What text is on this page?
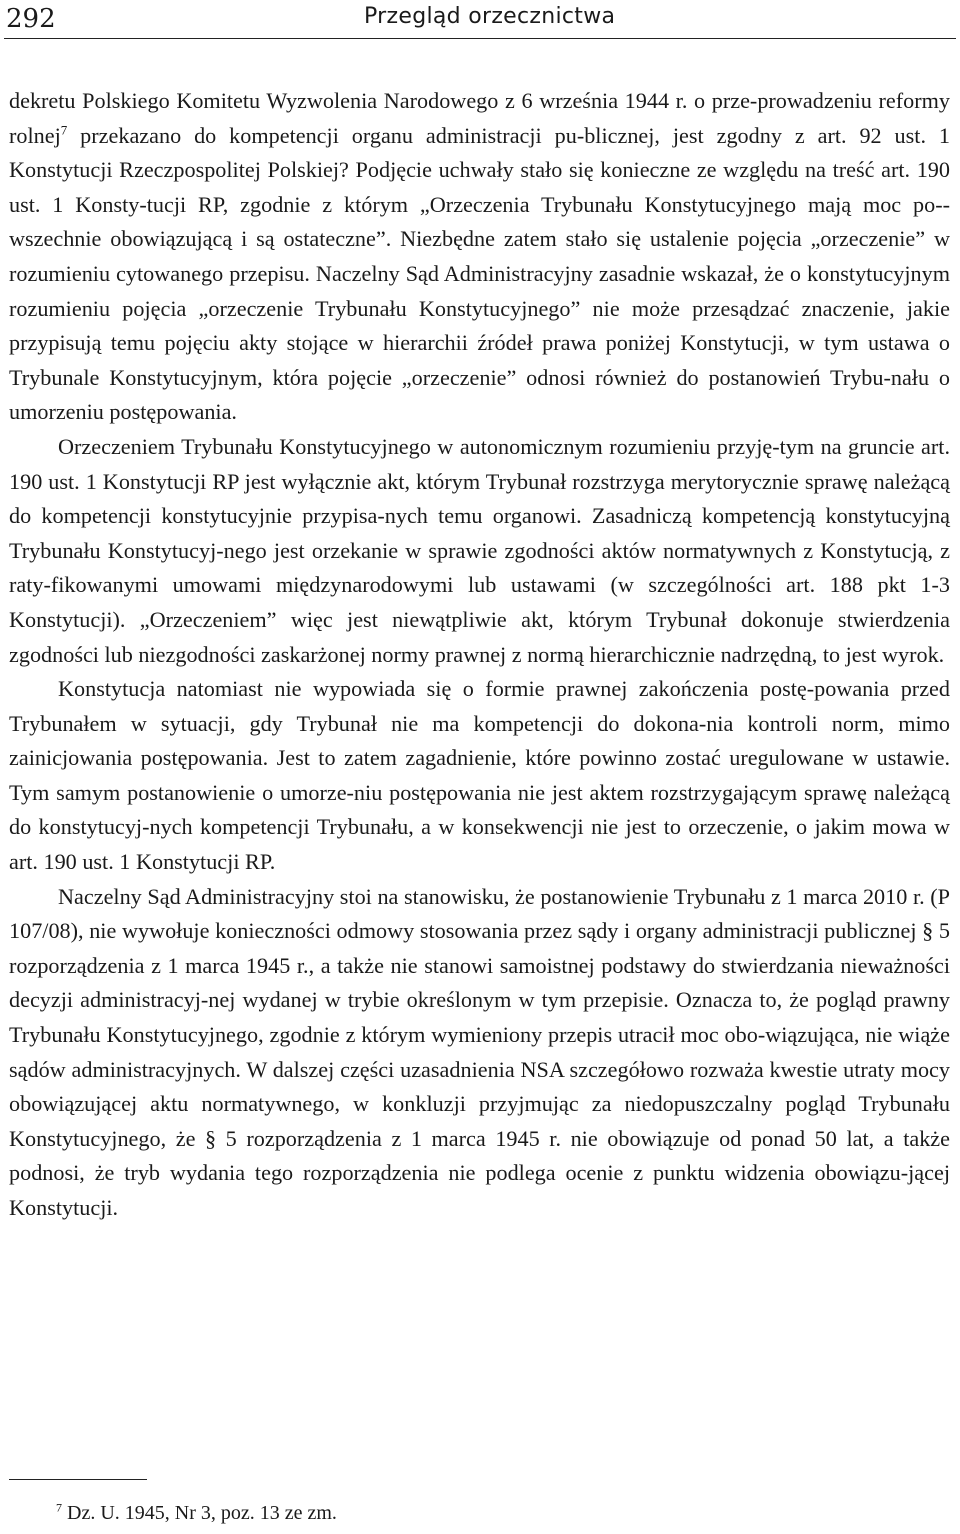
292	Przegląd orzecznictwa

dekretu Polskiego Komitetu Wyzwolenia Narodowego z 6 września 1944 r. o prze-prowadzeniu reformy rolnej$^7$ przekazano do kompetencji organu administracji pu-blicznej, jest zgodny z art. 92 ust. 1 Konstytucji Rzeczpospolitej Polskiej? Podjęcie uchwały stało się konieczne ze względu na treść art. 190 ust. 1 Konsty-tucji RP, zgodnie z którym „Orzeczenia Trybunału Konstytucyjnego mają moc po-wszechnie obowiązującą i są ostateczne”. Niezbędne zatem stało się ustalenie pojęcia „orzeczenie” w rozumieniu cytowanego przepisu. Naczelny Sąd Administracyjny zasadnie wskazał, że o konstytucyjnym rozumieniu pojęcia „orzeczenie Trybunału Konstytucyjnego” nie może przesądzać znaczenie, jakie przypisują temu pojęciu akty stojące w hierarchii źródeł prawa poniżej Konstytucji, w tym ustawa o Trybunale Konstytucyjnym, która pojęcie „orzeczenie” odnosi również do postanowień Trybu-nału o umorzeniu postępowania.

Orzeczeniem Trybunału Konstytucyjnego w autonomicznym rozumieniu przyję-tym na gruncie art. 190 ust. 1 Konstytucji RP jest wyłącznie akt, którym Trybunał rozstrzyga merytorycznie sprawę należącą do kompetencji konstytucyjnie przypisa-nych temu organowi. Zasadniczą kompetencją konstytucyjną Trybunału Konstytucyj-nego jest orzekanie w sprawie zgodności aktów normatywnych z Konstytucją, z raty-fikowanymi umowami międzynarodowymi lub ustawami (w szczególności art. 188 pkt 1-3 Konstytucji). „Orzeczeniem” więc jest niewątpliwie akt, którym Trybunał dokonuje stwierdzenia zgodności lub niezgodności zaskarżonej normy prawnej z normą hierarchicznie nadrzędną, to jest wyrok.

Konstytucja natomiast nie wypowiada się o formie prawnej zakończenia postę-powania przed Trybunałem w sytuacji, gdy Trybunał nie ma kompetencji do dokona-nia kontroli norm, mimo zainicjowania postępowania. Jest to zatem zagadnienie, które powinno zostać uregulowane w ustawie. Tym samym postanowienie o umorze-niu postępowania nie jest aktem rozstrzygającym sprawę należącą do konstytucyj-nych kompetencji Trybunału, a w konsekwencji nie jest to orzeczenie, o jakim mowa w art. 190 ust. 1 Konstytucji RP.

Naczelny Sąd Administracyjny stoi na stanowisku, że postanowienie Trybunału z 1 marca 2010 r. (P 107/08), nie wywołuje konieczności odmowy stosowania przez sądy i organy administracji publicznej § 5 rozporządzenia z 1 marca 1945 r., a także nie stanowi samoistnej podstawy do stwierdzania nieważności decyzji administracyj-nej wydanej w trybie określonym w tym przepisie. Oznacza to, że pogląd prawny Trybunału Konstytucyjnego, zgodnie z którym wymieniony przepis utracił moc obo-wiązująca, nie wiąże sądów administracyjnych. W dalszej części uzasadnienia NSA szczegółowo rozważa kwestie utraty mocy obowiązującej aktu normatywnego, w konkluzji przyjmując za niedopuszczalny pogląd Trybunału Konstytucyjnego, że § 5 rozporządzenia z 1 marca 1945 r. nie obowiązuje od ponad 50 lat, a także podnosi, że tryb wydania tego rozporządzenia nie podlega ocenie z punktu widzenia obowiązu-jącej Konstytucji.

$^7$ Dz. U. 1945, Nr 3, poz. 13 ze zm.
